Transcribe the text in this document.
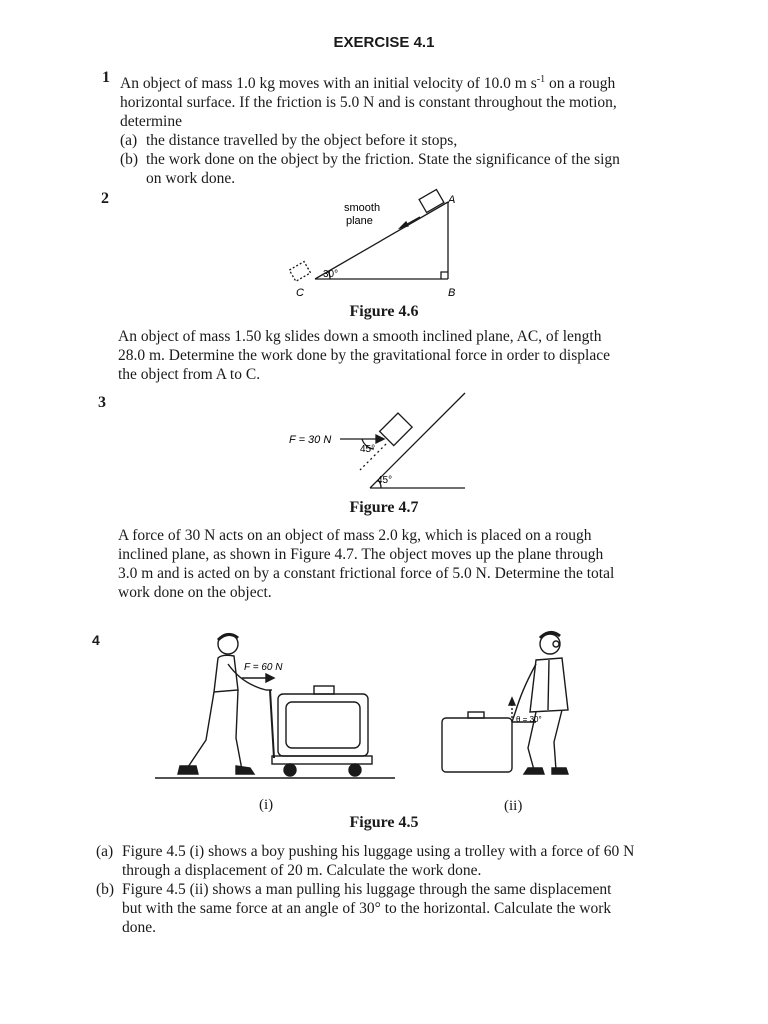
EXERCISE 4.1
1 An object of mass 1.0 kg moves with an initial velocity of 10.0 m $s^{-1}$ on a rough

horizontal surface. If the friction is 5.0 N and is constant throughout the motion,

determine

(a) the distance travelled by the object before it stops,
(b) the work done on the object by the friction. State the significance of the sign
on work done.
2
smooth
plane
30°
A
B
C
Figure 4.6

An object of mass 1.50 kg slides down a smooth inclined plane, AC, of length

28.0 m. Determine the work done by the gravitational force in order to displace

the object from A to C.

3
F = 30 N
45°
45°
Figure 4.7

A force of 30 N acts on an object of mass 2.0 kg, which is placed on a rough

inclined plane, as shown in Figure 4.7. The object moves up the plane through

3.0 m and is acted on by a constant frictional force of 5.0 N. Determine the total

work done on the object.

4
F = 60 N
θ = 30°
(i)	(ii)
Figure 4.5
(a) Figure 4.5 (i) shows a boy pushing his luggage using a trolley with a force of 60 N
through a displacement of 20 m. Calculate the work done.
(b) Figure 4.5 (ii) shows a man pulling his luggage through the same displacement
but with the same force at an angle of 30° to the horizontal. Calculate the work
done.
